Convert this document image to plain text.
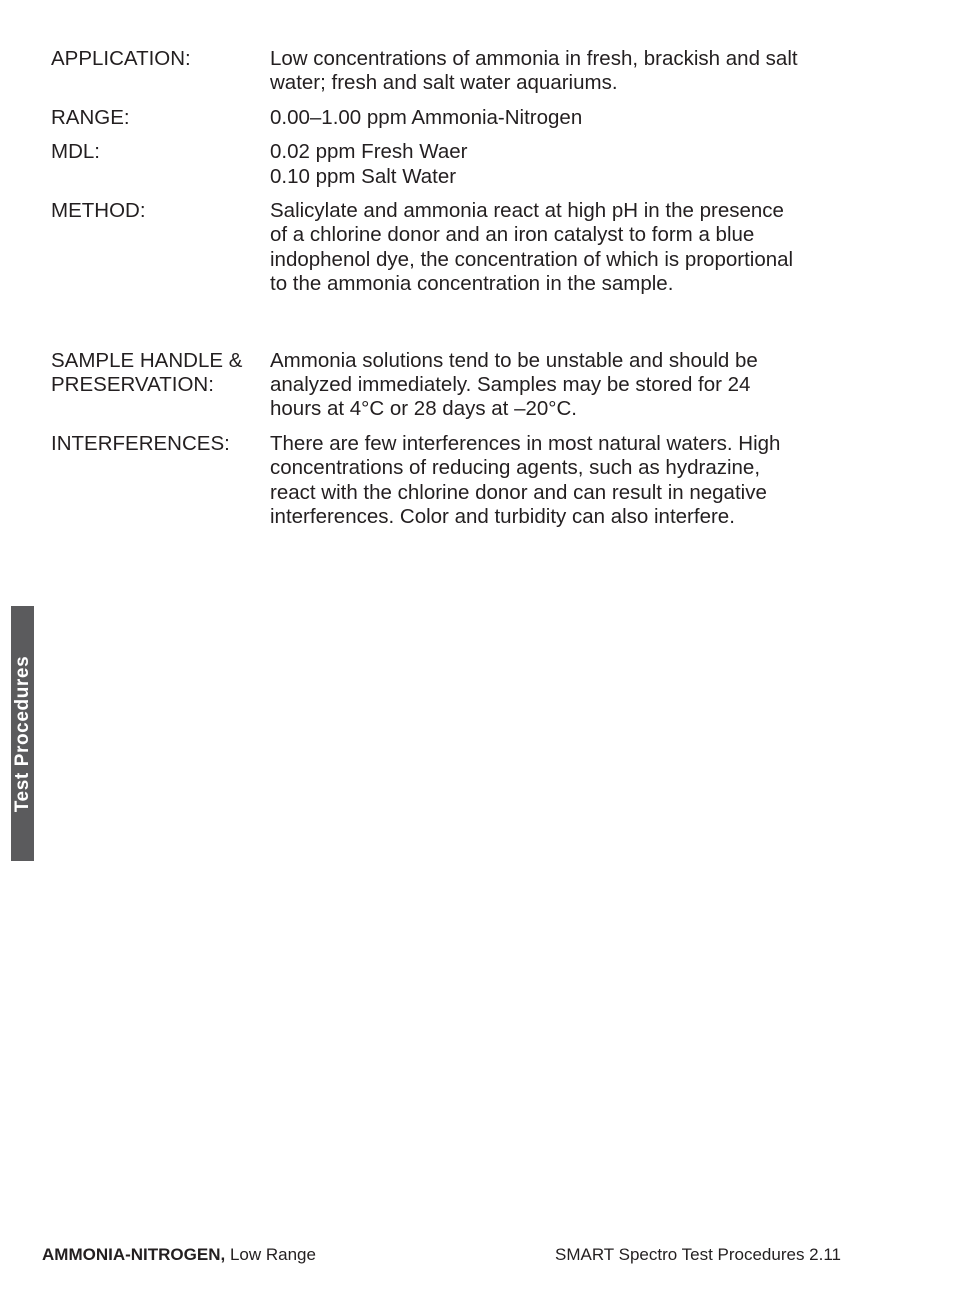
APPLICATION:	Low concentrations of ammonia in fresh, brackish and salt
water; fresh and salt water aquariums.
RANGE:	0.00–1.00 ppm Ammonia-Nitrogen
MDL:	0.02 ppm Fresh Waer
0.10 ppm Salt Water
METHOD:	Salicylate and ammonia react at high pH in the presence
of a chlorine donor and an iron catalyst to form a blue
indophenol dye, the concentration of which is proportional
to the ammonia concentration in the sample.
SAMPLE HANDLE &
PRESERVATION:
Ammonia solutions tend to be unstable and should be
analyzed immediately. Samples may be stored for 24
hours at 4°C or 28 days at –20°C.
INTERFERENCES:	There are few interferences in most natural waters. High
concentrations of reducing agents, such as hydrazine,
react with the chlorine donor and can result in negative
interferences. Color and turbidity can also interfere.
Test Procedures
AMMONIA-NITROGEN, Low Range	SMART Spectro Test Procedures 2.11
